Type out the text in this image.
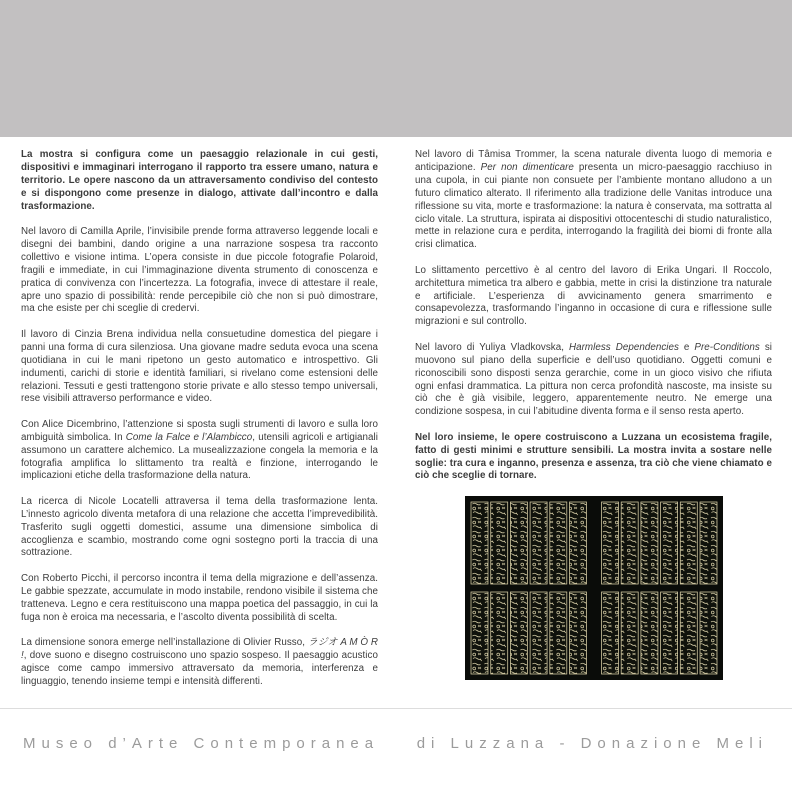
La mostra si configura come un paesaggio relazionale in cui gesti, dispositivi e immaginari interrogano il rapporto tra essere umano, natura e territorio. Le opere nascono da un attraversamento condiviso del contesto e si dispongono come presenze in dialogo, attivate dall’incontro e dalla trasformazione.

Nel lavoro di Camilla Aprile, l’invisibile prende forma attraverso leggende locali e disegni dei bambini, dando origine a una narrazione sospesa tra racconto collettivo e visione intima. L’opera consiste in due piccole fotografie Polaroid, fragili e immediate, in cui l’immaginazione diventa strumento di conoscenza e pratica di convivenza con l’incertezza. La fotografia, invece di attestare il reale, apre uno spazio di possibilità: rende percepibile ciò che non si può dimostrare, ma che esiste per chi sceglie di credervi.

Il lavoro di Cinzia Brena individua nella consuetudine domestica del piegare i panni una forma di cura silenziosa. Una giovane madre seduta evoca una scena quotidiana in cui le mani ripetono un gesto automatico e introspettivo. Gli indumenti, carichi di storie e identità familiari, si rivelano come estensioni delle relazioni. Tessuti e gesti trattengono storie private e allo stesso tempo universali, rese visibili attraverso performance e video.

Con Alice Dicembrino, l’attenzione si sposta sugli strumenti di lavoro e sulla loro ambiguità simbolica. In Come la Falce e l’Alambicco, utensili agricoli e artigianali assumono un carattere alchemico. La musealizzazione congela la memoria e la fotografia amplifica lo slittamento tra realtà e finzione, interrogando le implicazioni etiche della trasformazione della natura.

La ricerca di Nicole Locatelli attraversa il tema della trasformazione lenta. L’innesto agricolo diventa metafora di una relazione che accetta l’imprevedibilità. Trasferito sugli oggetti domestici, assume una dimensione simbolica di accoglienza e scambio, mostrando come ogni sostegno porti la traccia di una sottrazione.

Con Roberto Picchi, il percorso incontra il tema della migrazione e dell’assenza. Le gabbie spezzate, accumulate in modo instabile, rendono visibile il sistema che tratteneva. Legno e cera restituiscono una mappa poetica del passaggio, in cui la fuga non è eroica ma necessaria, e l’ascolto diventa possibilità di scelta.

La dimensione sonora emerge nell’installazione di Olivier Russo, ラジオ A M Ò R !, dove suono e disegno costruiscono uno spazio sospeso. Il paesaggio acustico agisce come campo immersivo attraversato da memoria, interferenza e linguaggio, tenendo insieme tempi e intensità differenti.

Nel lavoro di Tâmisa Trommer, la scena naturale diventa luogo di memoria e anticipazione. Per non dimenticare presenta un micro-paesaggio racchiuso in una cupola, in cui piante non consuete per l’ambiente montano alludono a un futuro climatico alterato. Il riferimento alla tradizione delle Vanitas introduce una riflessione su vita, morte e trasformazione: la natura è conservata, ma sottratta al ciclo vitale. La struttura, ispirata ai dispositivi ottocenteschi di studio naturalistico, mette in relazione cura e perdita, interrogando la fragilità dei biomi di fronte alla crisi climatica.

Lo slittamento percettivo è al centro del lavoro di Erika Ungari. Il Roccolo, architettura mimetica tra albero e gabbia, mette in crisi la distinzione tra naturale e artificiale. L’esperienza di avvicinamento genera smarrimento e consapevolezza, trasformando l’inganno in occasione di cura e riflessione sulle migrazioni e sul controllo.

Nel lavoro di Yuliya Vladkovska, Harmless Dependencies e Pre-Conditions si muovono sul piano della superficie e dell’uso quotidiano. Oggetti comuni e riconoscibili sono disposti senza gerarchie, come in un gioco visivo che rifiuta ogni enfasi drammatica. La pittura non cerca profondità nascoste, ma insiste su ciò che è già visibile, leggero, apparentemente neutro. Ne emerge una condizione sospesa, in cui l’abitudine diventa forma e il senso resta aperto.

Nel loro insieme, le opere costruiscono a Luzzana un ecosistema fragile, fatto di gesti minimi e strutture sensibili. La mostra invita a sostare nelle soglie: tra cura e inganno, presenza e assenza, tra ciò che viene chiamato e ciò che sceglie di tornare.

Museo d’Arte Contemporanea	di Luzzana - Donazione Meli
